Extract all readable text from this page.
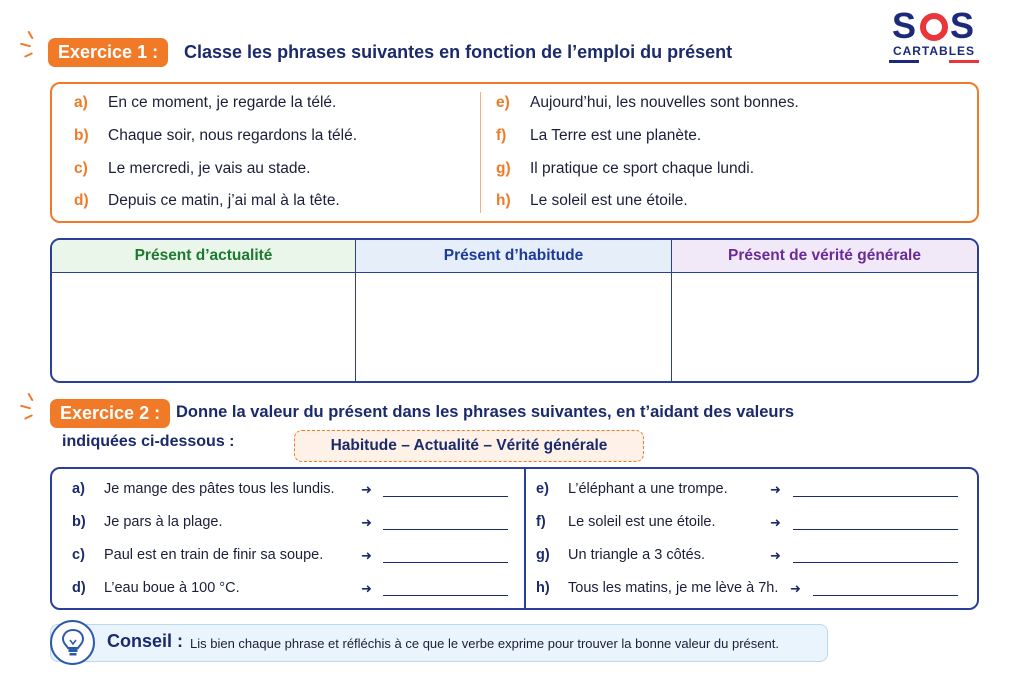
Exercice 1 :	Classe les phrases suivantes en fonction de l’emploi du présent
S S
CARTABLES
a) En ce moment, je regarde la télé.
b) Chaque soir, nous regardons la télé.
c) Le mercredi, je vais au stade.
d) Depuis ce matin, j’ai mal à la tête.
e) Aujourd’hui, les nouvelles sont bonnes.
f) La Terre est une planète.
g) Il pratique ce sport chaque lundi.
h) Le soleil est une étoile.
Présent d’actualité	Présent d’habitude	Présent de vérité générale
Exercice 2 : Donne la valeur du présent dans les phrases suivantes, en t’aidant des valeurs
indiquées ci-dessous :	Habitude – Actualité – Vérité générale
a) Je mange des pâtes tous les lundis. ➜
b) Je pars à la plage.	➜
c) Paul est en train de finir sa soupe.	➜
d) L’eau boue à 100 °C.	➜
e) L’éléphant a une trompe.	➜
f) Le soleil est une étoile.	➜
g) Un triangle a 3 côtés.	➜
h) Tous les matins, je me lève à 7h. ➜
Conseil : Lis bien chaque phrase et réfléchis à ce que le verbe exprime pour trouver la bonne valeur du présent.
